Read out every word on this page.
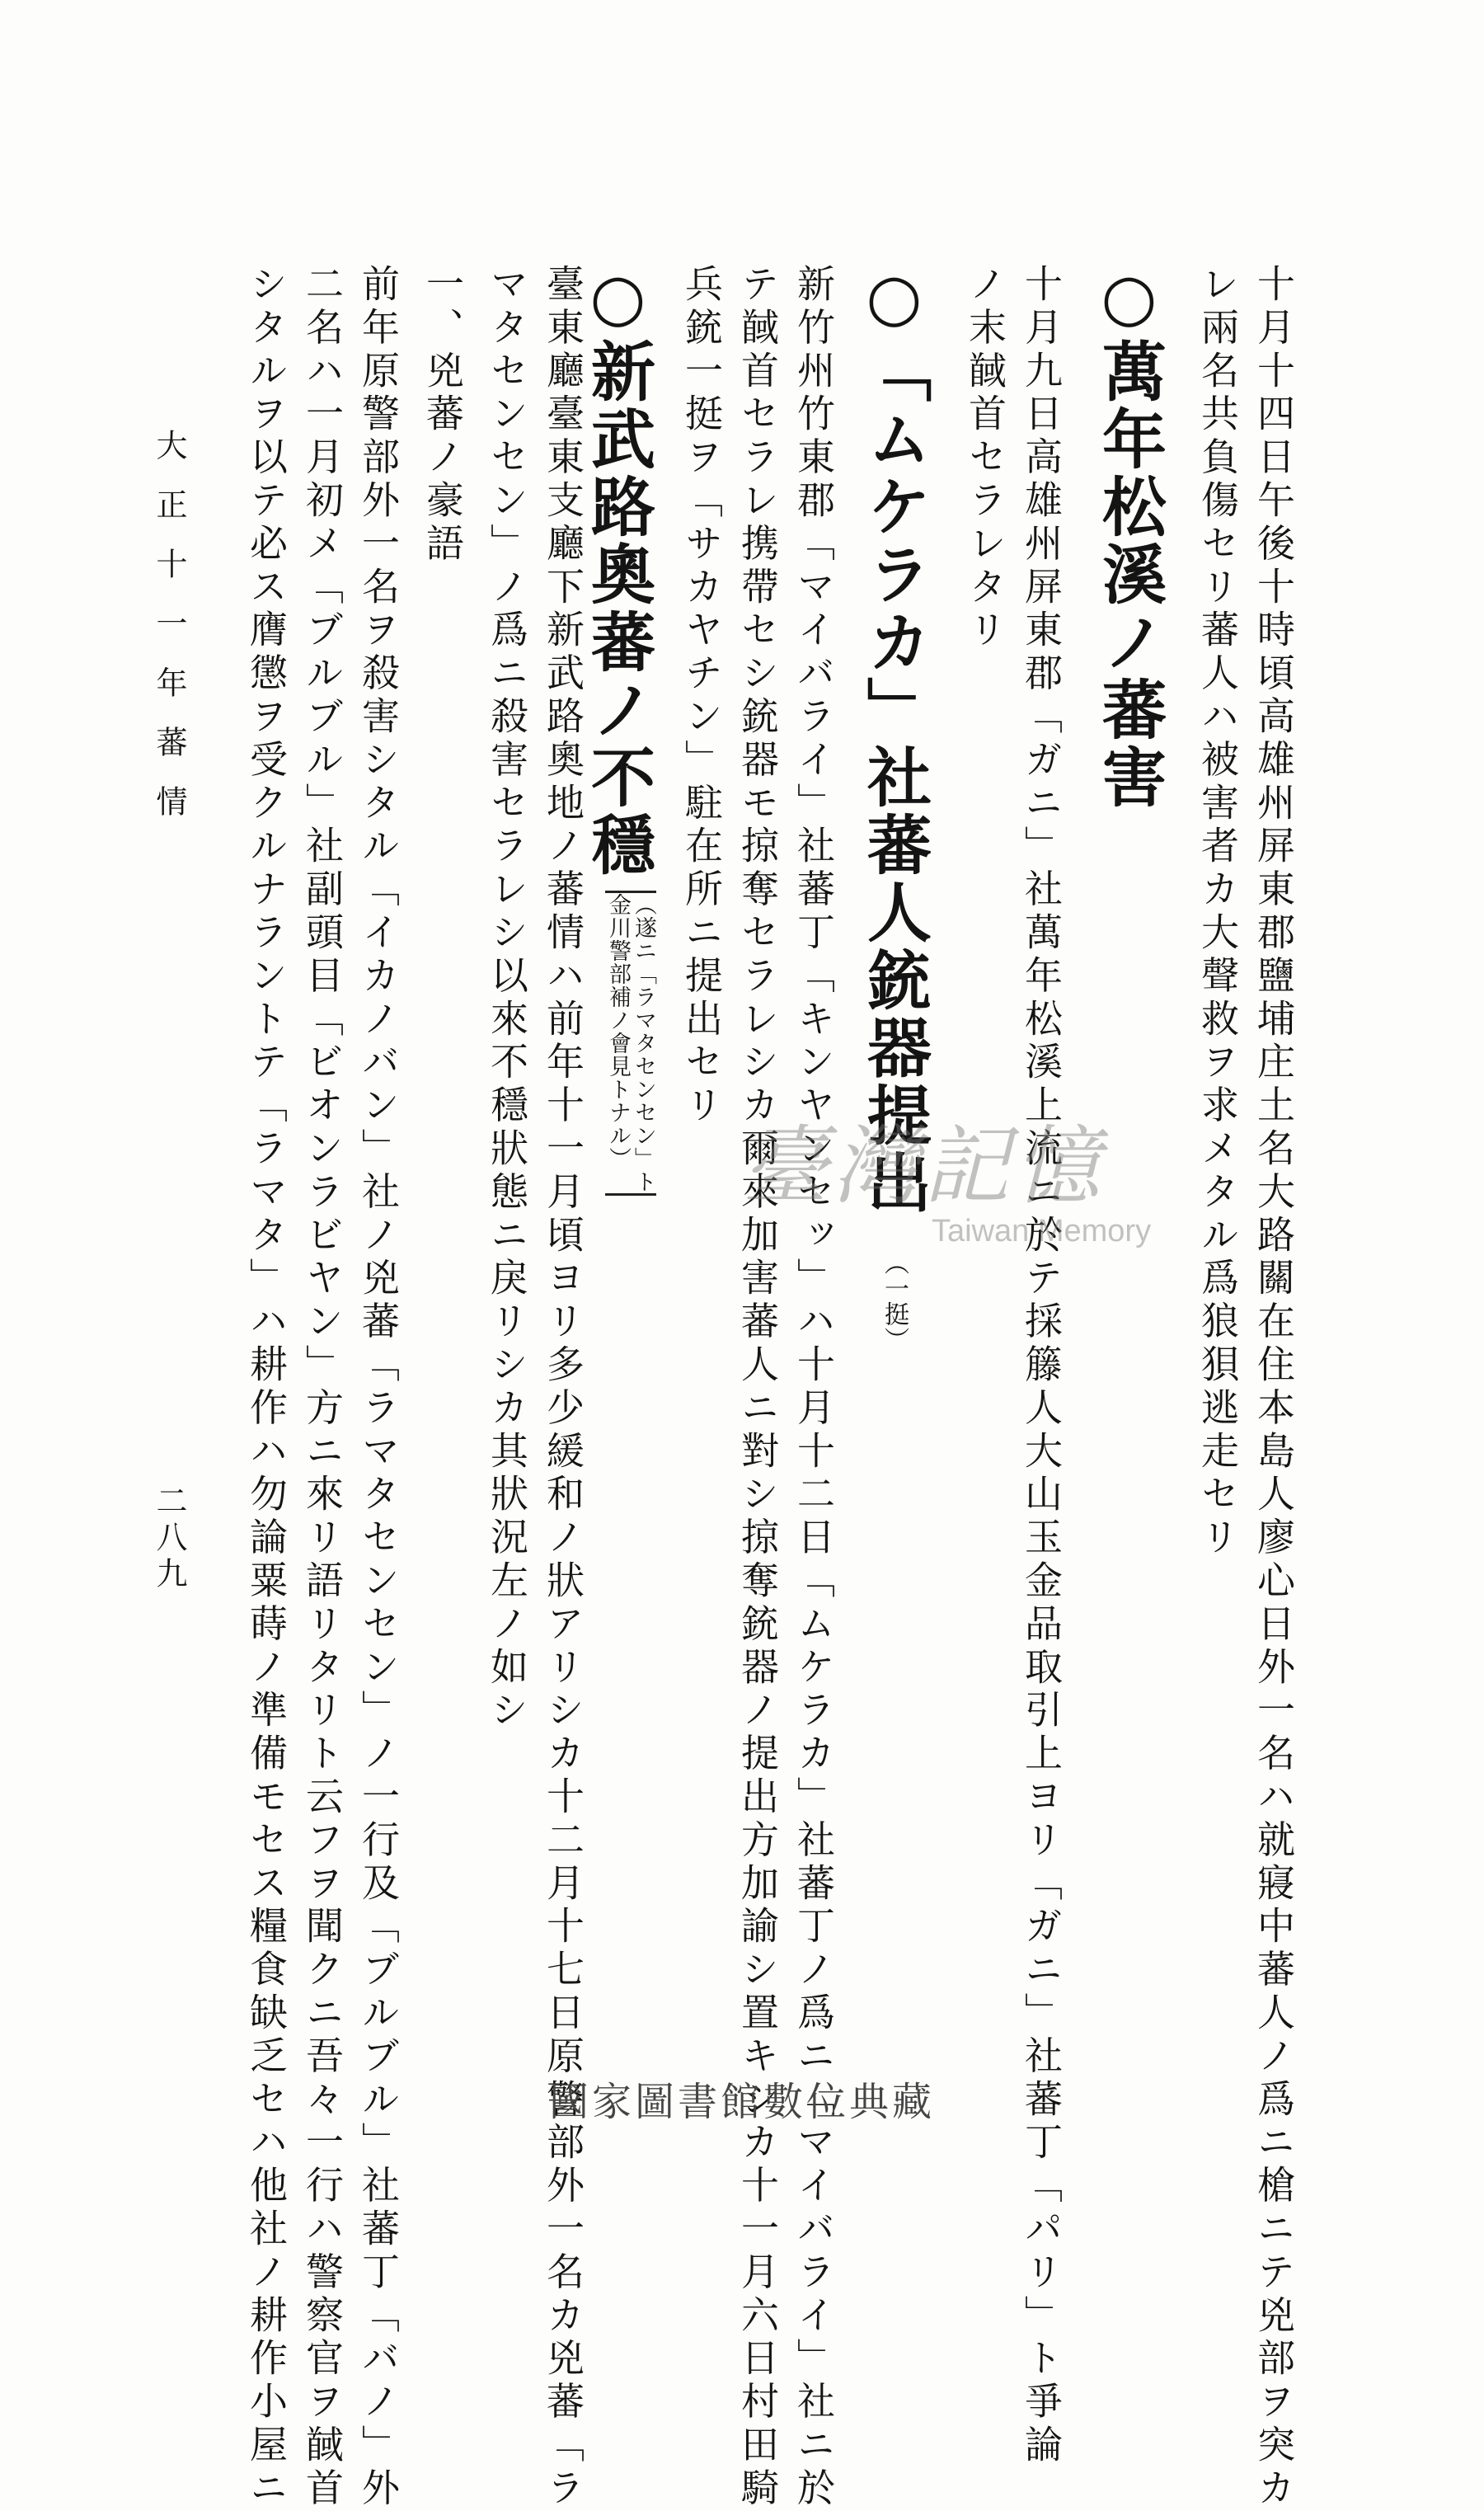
十月十四日午後十時頃高雄州屏東郡鹽埔庄土名大路關在住本島人廖心日外一名ハ就寢中蕃人ノ爲ニ槍ニテ兇部ヲ突カ
レ兩名共負傷セリ蕃人ハ被害者カ大聲救ヲ求メタル爲狼狽逃走セリ
○萬年松溪ノ蕃害
十月九日高雄州屏東郡「ガニ」社萬年松溪上流ニ於テ採籐人大山玉金品取引上ヨリ「ガニ」社蕃丁「パリ」ト爭論
ノ末馘首セラレタリ
○「ムケラカ」社蕃人銃器提出（一挺）
新竹州竹東郡「マイバライ」社蕃丁「キンヤンセッ」ハ十月十二日「ムケラカ」社蕃丁ノ爲ニ「マイバライ」社ニ於
テ馘首セラレ携帶セシ銃器モ掠奪セラレシカ爾來加害蕃人ニ對シ掠奪銃器ノ提出方加諭シ置キシカ十一月六日村田騎
兵銃一挺ヲ「サカヤチン」駐在所ニ提出セリ
○新武路奧蕃ノ不穩（遂ニ「ラマタセンセン」ト
金川警部補ノ會見トナル）
臺東廳臺東支廳下新武路奧地ノ蕃情ハ前年十一月頃ヨリ多少緩和ノ狀アリシカ十二月十七日原警部外一名カ兇蕃「ラ
マタセンセン」ノ爲ニ殺害セラレシ以來不穩狀態ニ戾リシカ其狀況左ノ如シ
一、兇蕃ノ豪語
前年原警部外一名ヲ殺害シタル「イカノバン」社ノ兇蕃「ラマタセンセン」ノ一行及「ブルブル」社蕃丁「バノ」外
二名ハ一月初メ「ブルブル」社副頭目「ビオンラビヤン」方ニ來リ語リタリト云フヲ聞クニ吾々一行ハ警察官ヲ馘首
シタルヲ以テ必ス膺懲ヲ受クルナラントテ「ラマタ」ハ耕作ハ勿論粟蒔ノ準備モセス糧食缺乏セハ他社ノ耕作小屋ニ
大正十一年蕃情
二八九
臺灣記憶
Taiwan Memory
國家圖書館數位典藏
